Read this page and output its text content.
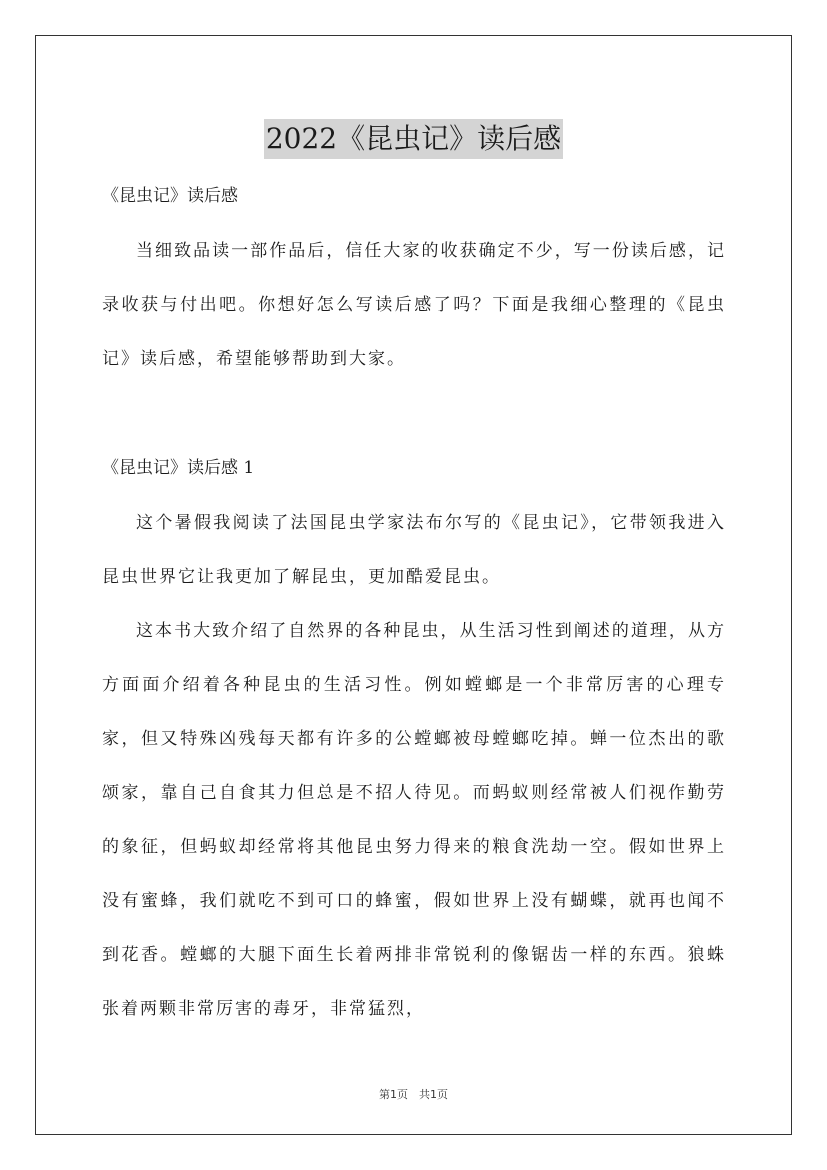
2022《昆虫记》读后感

《昆虫记》读后感

当细致品读一部作品后，信任大家的收获确定不少，写一份读后感，记录收获与付出吧。你想好怎么写读后感了吗？下面是我细心整理的《昆虫记》读后感，希望能够帮助到大家。

《昆虫记》读后感 1

这个暑假我阅读了法国昆虫学家法布尔写的《昆虫记》，它带领我进入昆虫世界它让我更加了解昆虫，更加酷爱昆虫。

这本书大致介绍了自然界的各种昆虫，从生活习性到阐述的道理，从方方面面介绍着各种昆虫的生活习性。例如螳螂是一个非常厉害的心理专家，但又特殊凶残每天都有许多的公螳螂被母螳螂吃掉。蝉一位杰出的歌颂家，靠自己自食其力但总是不招人待见。而蚂蚁则经常被人们视作勤劳的象征，但蚂蚁却经常将其他昆虫努力得来的粮食洗劫一空。假如世界上没有蜜蜂，我们就吃不到可口的蜂蜜，假如世界上没有蝴蝶，就再也闻不到花香。螳螂的大腿下面生长着两排非常锐利的像锯齿一样的东西。狼蛛张着两颗非常厉害的毒牙，非常猛烈，

第1页　共1页
